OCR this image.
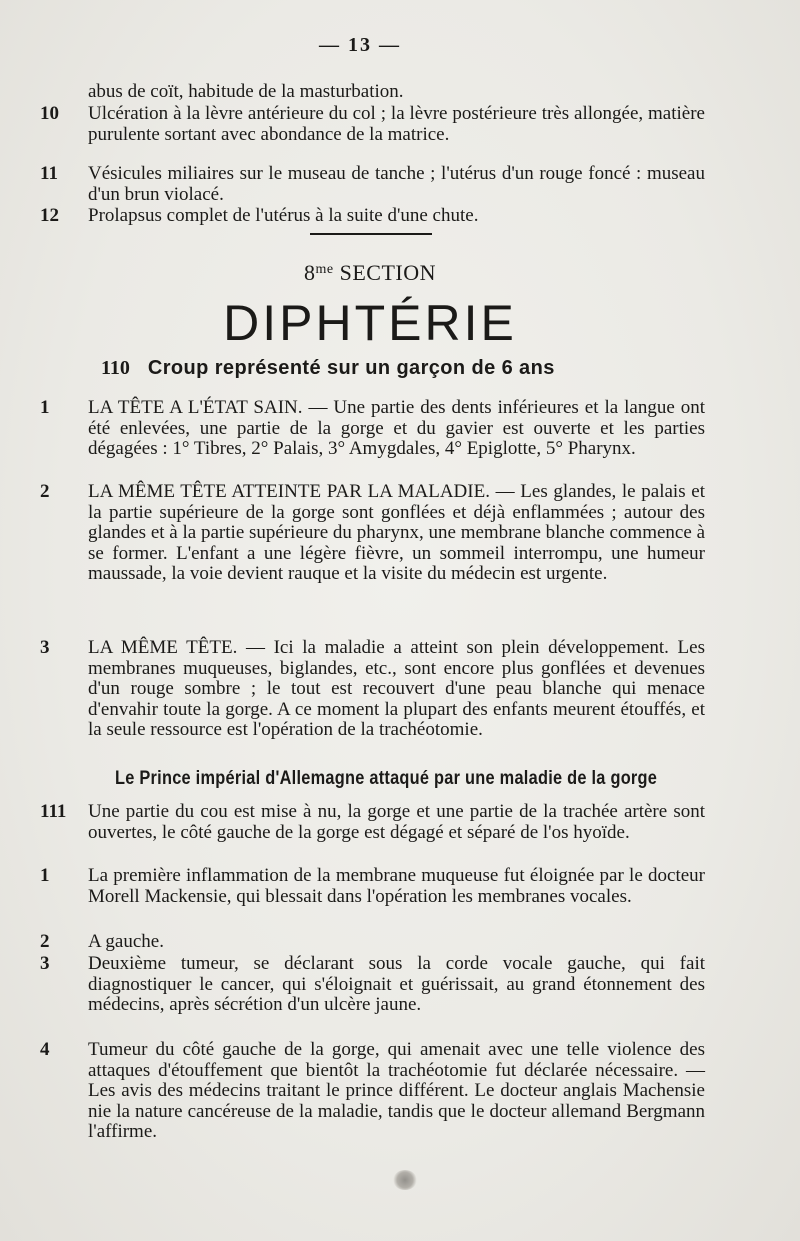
— 13 —
abus de coït, habitude de la masturbation.
10	Ulcération à la lèvre antérieure du col ; la lèvre postérieure très allongée, matière purulente sortant avec abondance de la matrice.
11	Vésicules miliaires sur le museau de tanche ; l'utérus d'un rouge foncé : museau d'un brun violacé.
12	Prolapsus complet de l'utérus à la suite d'une chute.
$8^{me}$ SECTION
DIPHTÉRIE
110 Croup représenté sur un garçon de 6 ans
1	LA TÊTE A L'ÉTAT SAIN. — Une partie des dents inférieures et la langue ont été enlevées, une partie de la gorge et du gavier est ouverte et les parties dégagées : 1° Tibres, 2° Palais, 3° Amygdales, 4° Epiglotte, 5° Pharynx.
2	LA MÊME TÊTE ATTEINTE PAR LA MALADIE. — Les glandes, le palais et la partie supérieure de la gorge sont gonflées et déjà enflammées ; autour des glandes et à la partie supérieure du pharynx, une membrane blanche commence à se former. L'enfant a une légère fièvre, un sommeil interrompu, une humeur maussade, la voie devient rauque et la visite du médecin est urgente.
3	LA MÊME TÊTE. — Ici la maladie a atteint son plein développement. Les membranes muqueuses, biglandes, etc., sont encore plus gonflées et devenues d'un rouge sombre ; le tout est recouvert d'une peau blanche qui menace d'envahir toute la gorge. A ce moment la plupart des enfants meurent étouffés, et la seule ressource est l'opération de la trachéotomie.
Le Prince impérial d'Allemagne attaqué par une maladie de la gorge
111	Une partie du cou est mise à nu, la gorge et une partie de la trachée artère sont ouvertes, le côté gauche de la gorge est dégagé et séparé de l'os hyoïde.
1	La première inflammation de la membrane muqueuse fut éloignée par le docteur Morell Mackensie, qui blessait dans l'opération les membranes vocales.
2	A gauche.
3	Deuxième tumeur, se déclarant sous la corde vocale gauche, qui fait diagnostiquer le cancer, qui s'éloignait et guérissait, au grand étonnement des médecins, après sécrétion d'un ulcère jaune.
4	Tumeur du côté gauche de la gorge, qui amenait avec une telle violence des attaques d'étouffement que bientôt la trachéotomie fut déclarée nécessaire. — Les avis des médecins traitant le prince différent. Le docteur anglais Machensie nie la nature cancéreuse de la maladie, tandis que le docteur allemand Bergmann l'affirme.
